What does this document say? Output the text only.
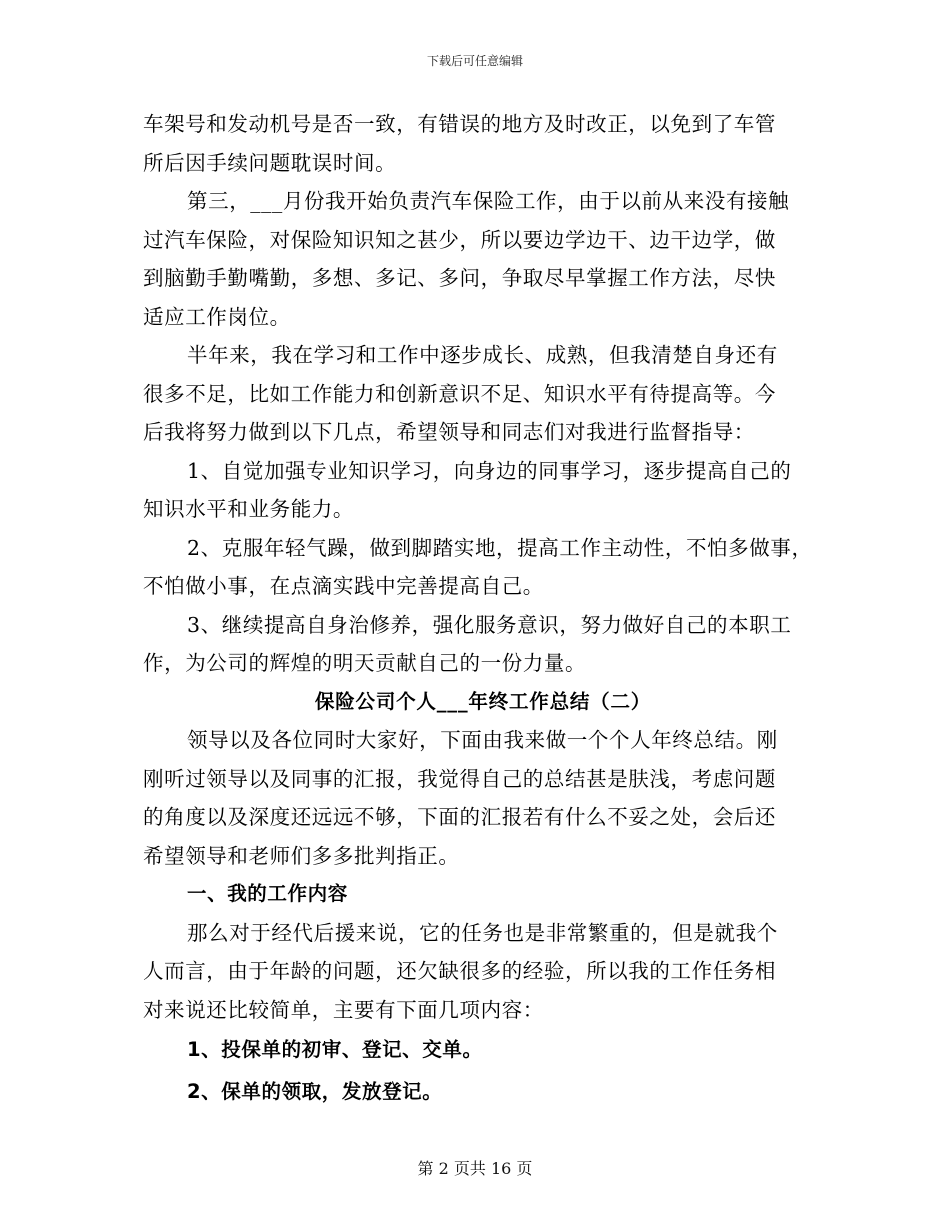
下载后可任意编辑
车架号和发动机号是否一致，有错误的地方及时改正，以免到了车管
所后因手续问题耽误时间。
第三，___月份我开始负责汽车保险工作，由于以前从来没有接触
过汽车保险，对保险知识知之甚少，所以要边学边干、边干边学，做
到脑勤手勤嘴勤，多想、多记、多问，争取尽早掌握工作方法，尽快
适应工作岗位。
半年来，我在学习和工作中逐步成长、成熟，但我清楚自身还有
很多不足，比如工作能力和创新意识不足、知识水平有待提高等。今
后我将努力做到以下几点，希望领导和同志们对我进行监督指导：
1、自觉加强专业知识学习，向身边的同事学习，逐步提高自己的
知识水平和业务能力。
2、克服年轻气躁，做到脚踏实地，提高工作主动性，不怕多做事，
不怕做小事，在点滴实践中完善提高自己。
3、继续提高自身治修养，强化服务意识，努力做好自己的本职工
作，为公司的辉煌的明天贡献自己的一份力量。
保险公司个人___年终工作总结（二）
领导以及各位同时大家好，下面由我来做一个个人年终总结。刚
刚听过领导以及同事的汇报，我觉得自己的总结甚是肤浅，考虑问题
的角度以及深度还远远不够，下面的汇报若有什么不妥之处，会后还
希望领导和老师们多多批判指正。
一、我的工作内容
那么对于经代后援来说，它的任务也是非常繁重的，但是就我个
人而言，由于年龄的问题，还欠缺很多的经验，所以我的工作任务相
对来说还比较简单，主要有下面几项内容：
1、投保单的初审、登记、交单。
2、保单的领取，发放登记。
第 2 页共 16 页
